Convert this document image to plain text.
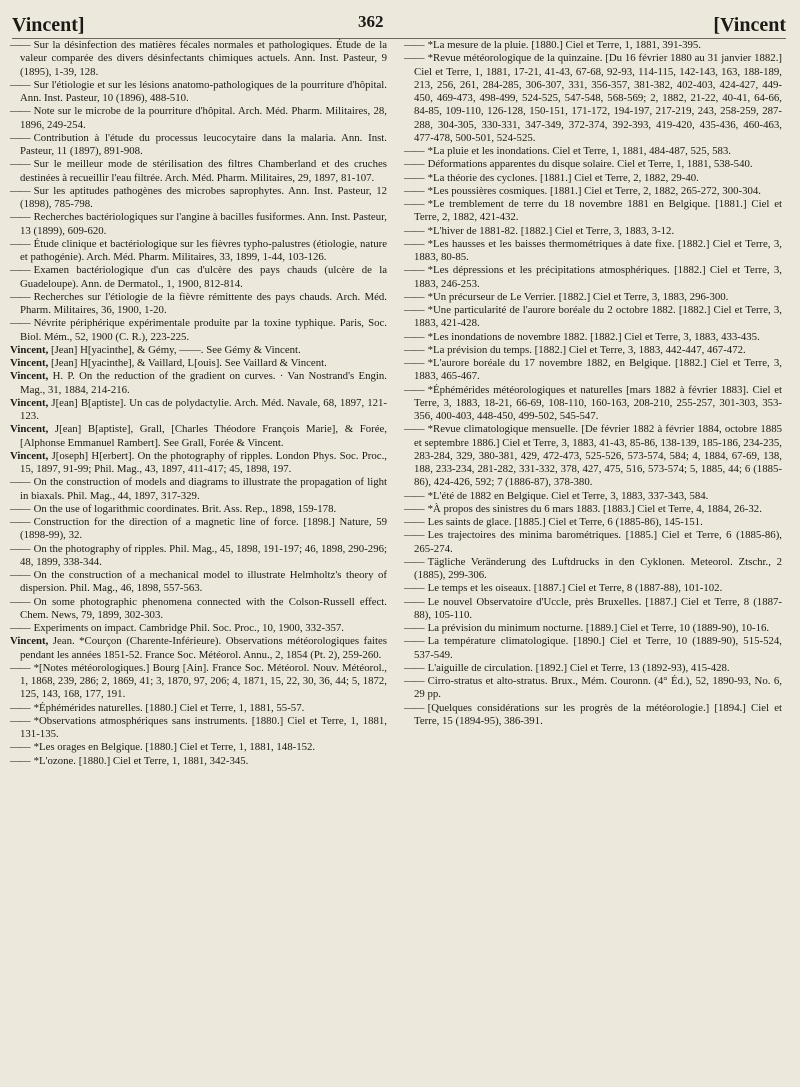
Vincent]	362	[Vincent

—— Sur la désinfection des matières fécales normales et pathologiques. Étude de la valeur comparée des divers désinfectants chimiques actuels. Ann. Inst. Pasteur, 9 (1895), 1-39, 128.

—— Sur l'étiologie et sur les lésions anatomo-pathologiques de la pourriture d'hôpital. Ann. Inst. Pasteur, 10 (1896), 488-510.

—— Note sur le microbe de la pourriture d'hôpital. Arch. Méd. Pharm. Militaires, 28, 1896, 249-254.

—— Contribution à l'étude du processus leucocytaire dans la malaria. Ann. Inst. Pasteur, 11 (1897), 891-908.

—— Sur le meilleur mode de stérilisation des filtres Chamberland et des cruches destinées à recueillir l'eau filtrée. Arch. Méd. Pharm. Militaires, 29, 1897, 81-107.

—— Sur les aptitudes pathogènes des microbes saprophytes. Ann. Inst. Pasteur, 12 (1898), 785-798.

—— Recherches bactériologiques sur l'angine à bacilles fusiformes. Ann. Inst. Pasteur, 13 (1899), 609-620.

—— Étude clinique et bactériologique sur les fièvres typho-palustres (étiologie, nature et pathogénie). Arch. Méd. Pharm. Militaires, 33, 1899, 1-44, 103-126.

—— Examen bactériologique d'un cas d'ulcère des pays chauds (ulcère de la Guadeloupe). Ann. de Dermatol., 1, 1900, 812-814.

—— Recherches sur l'étiologie de la fièvre rémittente des pays chauds. Arch. Méd. Pharm. Militaires, 36, 1900, 1-20.

—— Névrite périphérique expérimentale produite par la toxine typhique. Paris, Soc. Biol. Mém., 52, 1900 (C. R.), 223-225.

Vincent, [Jean] H[yacinthe], & Gémy, ——. See Gémy & Vincent.

Vincent, [Jean] H[yacinthe], & Vaillard, L[ouis]. See Vaillard & Vincent.

Vincent, H. P. On the reduction of the gradient on curves. · Van Nostrand's Engin. Mag., 31, 1884, 214-216.

Vincent, J[ean] B[aptiste]. Un cas de polydactylie. Arch. Méd. Navale, 68, 1897, 121-123.

Vincent, J[ean] B[aptiste], Grall, [Charles Théodore François Marie], & Forée, [Alphonse Emmanuel Rambert]. See Grall, Forée & Vincent.

Vincent, J[oseph] H[erbert]. On the photography of ripples. London Phys. Soc. Proc., 15, 1897, 91-99; Phil. Mag., 43, 1897, 411-417; 45, 1898, 197.

—— On the construction of models and diagrams to illustrate the propagation of light in biaxals. Phil. Mag., 44, 1897, 317-329.

—— On the use of logarithmic coordinates. Brit. Ass. Rep., 1898, 159-178.

—— Construction for the direction of a magnetic line of force. [1898.] Nature, 59 (1898-99), 32.

—— On the photography of ripples. Phil. Mag., 45, 1898, 191-197; 46, 1898, 290-296; 48, 1899, 338-344.

—— On the construction of a mechanical model to illustrate Helmholtz's theory of dispersion. Phil. Mag., 46, 1898, 557-563.

—— On some photographic phenomena connected with the Colson-Russell effect. Chem. News, 79, 1899, 302-303.

—— Experiments on impact. Cambridge Phil. Soc. Proc., 10, 1900, 332-357.

Vincent, Jean. *Courçon (Charente-Inférieure). Observations météorologiques faites pendant les années 1851-52. France Soc. Météorol. Annu., 2, 1854 (Pt. 2), 259-260.

—— *[Notes météorologiques.] Bourg [Ain]. France Soc. Météorol. Nouv. Météorol., 1, 1868, 239, 286; 2, 1869, 41; 3, 1870, 97, 206; 4, 1871, 15, 22, 30, 36, 44; 5, 1872, 125, 143, 168, 177, 191.

—— *Éphémérides naturelles. [1880.] Ciel et Terre, 1, 1881, 55-57.

—— *Observations atmosphériques sans instruments. [1880.] Ciel et Terre, 1, 1881, 131-135.

—— *Les orages en Belgique. [1880.] Ciel et Terre, 1, 1881, 148-152.

—— *L'ozone. [1880.] Ciel et Terre, 1, 1881, 342-345.

—— *La mesure de la pluie. [1880.] Ciel et Terre, 1, 1881, 391-395.

—— *Revue météorologique de la quinzaine. [Du 16 février 1880 au 31 janvier 1882.] Ciel et Terre, 1, 1881, 17-21, 41-43, 67-68, 92-93, 114-115, 142-143, 163, 188-189, 213, 256, 261, 284-285, 306-307, 331, 356-357, 381-382, 402-403, 424-427, 449-450, 469-473, 498-499, 524-525, 547-548, 568-569; 2, 1882, 21-22, 40-41, 64-66, 84-85, 109-110, 126-128, 150-151, 171-172, 194-197, 217-219, 243, 258-259, 287-288, 304-305, 330-331, 347-349, 372-374, 392-393, 419-420, 435-436, 460-463, 477-478, 500-501, 524-525.

—— *La pluie et les inondations. Ciel et Terre, 1, 1881, 484-487, 525, 583.

—— Déformations apparentes du disque solaire. Ciel et Terre, 1, 1881, 538-540.

—— *La théorie des cyclones. [1881.] Ciel et Terre, 2, 1882, 29-40.

—— *Les poussières cosmiques. [1881.] Ciel et Terre, 2, 1882, 265-272, 300-304.

—— *Le tremblement de terre du 18 novembre 1881 en Belgique. [1881.] Ciel et Terre, 2, 1882, 421-432.

—— *L'hiver de 1881-82. [1882.] Ciel et Terre, 3, 1883, 3-12.

—— *Les hausses et les baisses thermométriques à date fixe. [1882.] Ciel et Terre, 3, 1883, 80-85.

—— *Les dépressions et les précipitations atmosphériques. [1882.] Ciel et Terre, 3, 1883, 246-253.

—— *Un précurseur de Le Verrier. [1882.] Ciel et Terre, 3, 1883, 296-300.

—— *Une particularité de l'aurore boréale du 2 octobre 1882. [1882.] Ciel et Terre, 3, 1883, 421-428.

—— *Les inondations de novembre 1882. [1882.] Ciel et Terre, 3, 1883, 433-435.

—— *La prévision du temps. [1882.] Ciel et Terre, 3, 1883, 442-447, 467-472.

—— *L'aurore boréale du 17 novembre 1882, en Belgique. [1882.] Ciel et Terre, 3, 1883, 465-467.

—— *Éphémérides météorologiques et naturelles [mars 1882 à février 1883]. Ciel et Terre, 3, 1883, 18-21, 66-69, 108-110, 160-163, 208-210, 255-257, 301-303, 353-356, 400-403, 448-450, 499-502, 545-547.

—— *Revue climatologique mensuelle. [De février 1882 à février 1884, octobre 1885 et septembre 1886.] Ciel et Terre, 3, 1883, 41-43, 85-86, 138-139, 185-186, 234-235, 283-284, 329, 380-381, 429, 472-473, 525-526, 573-574, 584; 4, 1884, 67-69, 138, 188, 233-234, 281-282, 331-332, 378, 427, 475, 516, 573-574; 5, 1885, 44; 6 (1885-86), 424-426, 592; 7 (1886-87), 378-380.

—— *L'été de 1882 en Belgique. Ciel et Terre, 3, 1883, 337-343, 584.

—— *À propos des sinistres du 6 mars 1883. [1883.] Ciel et Terre, 4, 1884, 26-32.

—— Les saints de glace. [1885.] Ciel et Terre, 6 (1885-86), 145-151.

—— Les trajectoires des minima barométriques. [1885.] Ciel et Terre, 6 (1885-86), 265-274.

—— Tägliche Veränderung des Luftdrucks in den Cyklonen. Meteorol. Ztschr., 2 (1885), 299-306.

—— Le temps et les oiseaux. [1887.] Ciel et Terre, 8 (1887-88), 101-102.

—— Le nouvel Observatoire d'Uccle, près Bruxelles. [1887.] Ciel et Terre, 8 (1887-88), 105-110.

—— La prévision du minimum nocturne. [1889.] Ciel et Terre, 10 (1889-90), 10-16.

—— La température climatologique. [1890.] Ciel et Terre, 10 (1889-90), 515-524, 537-549.

—— L'aiguille de circulation. [1892.] Ciel et Terre, 13 (1892-93), 415-428.

—— Cirro-stratus et alto-stratus. Brux., Mém. Couronn. (4° Éd.), 52, 1890-93, No. 6, 29 pp.

—— [Quelques considérations sur les progrès de la météorologie.] [1894.] Ciel et Terre, 15 (1894-95), 386-391.
